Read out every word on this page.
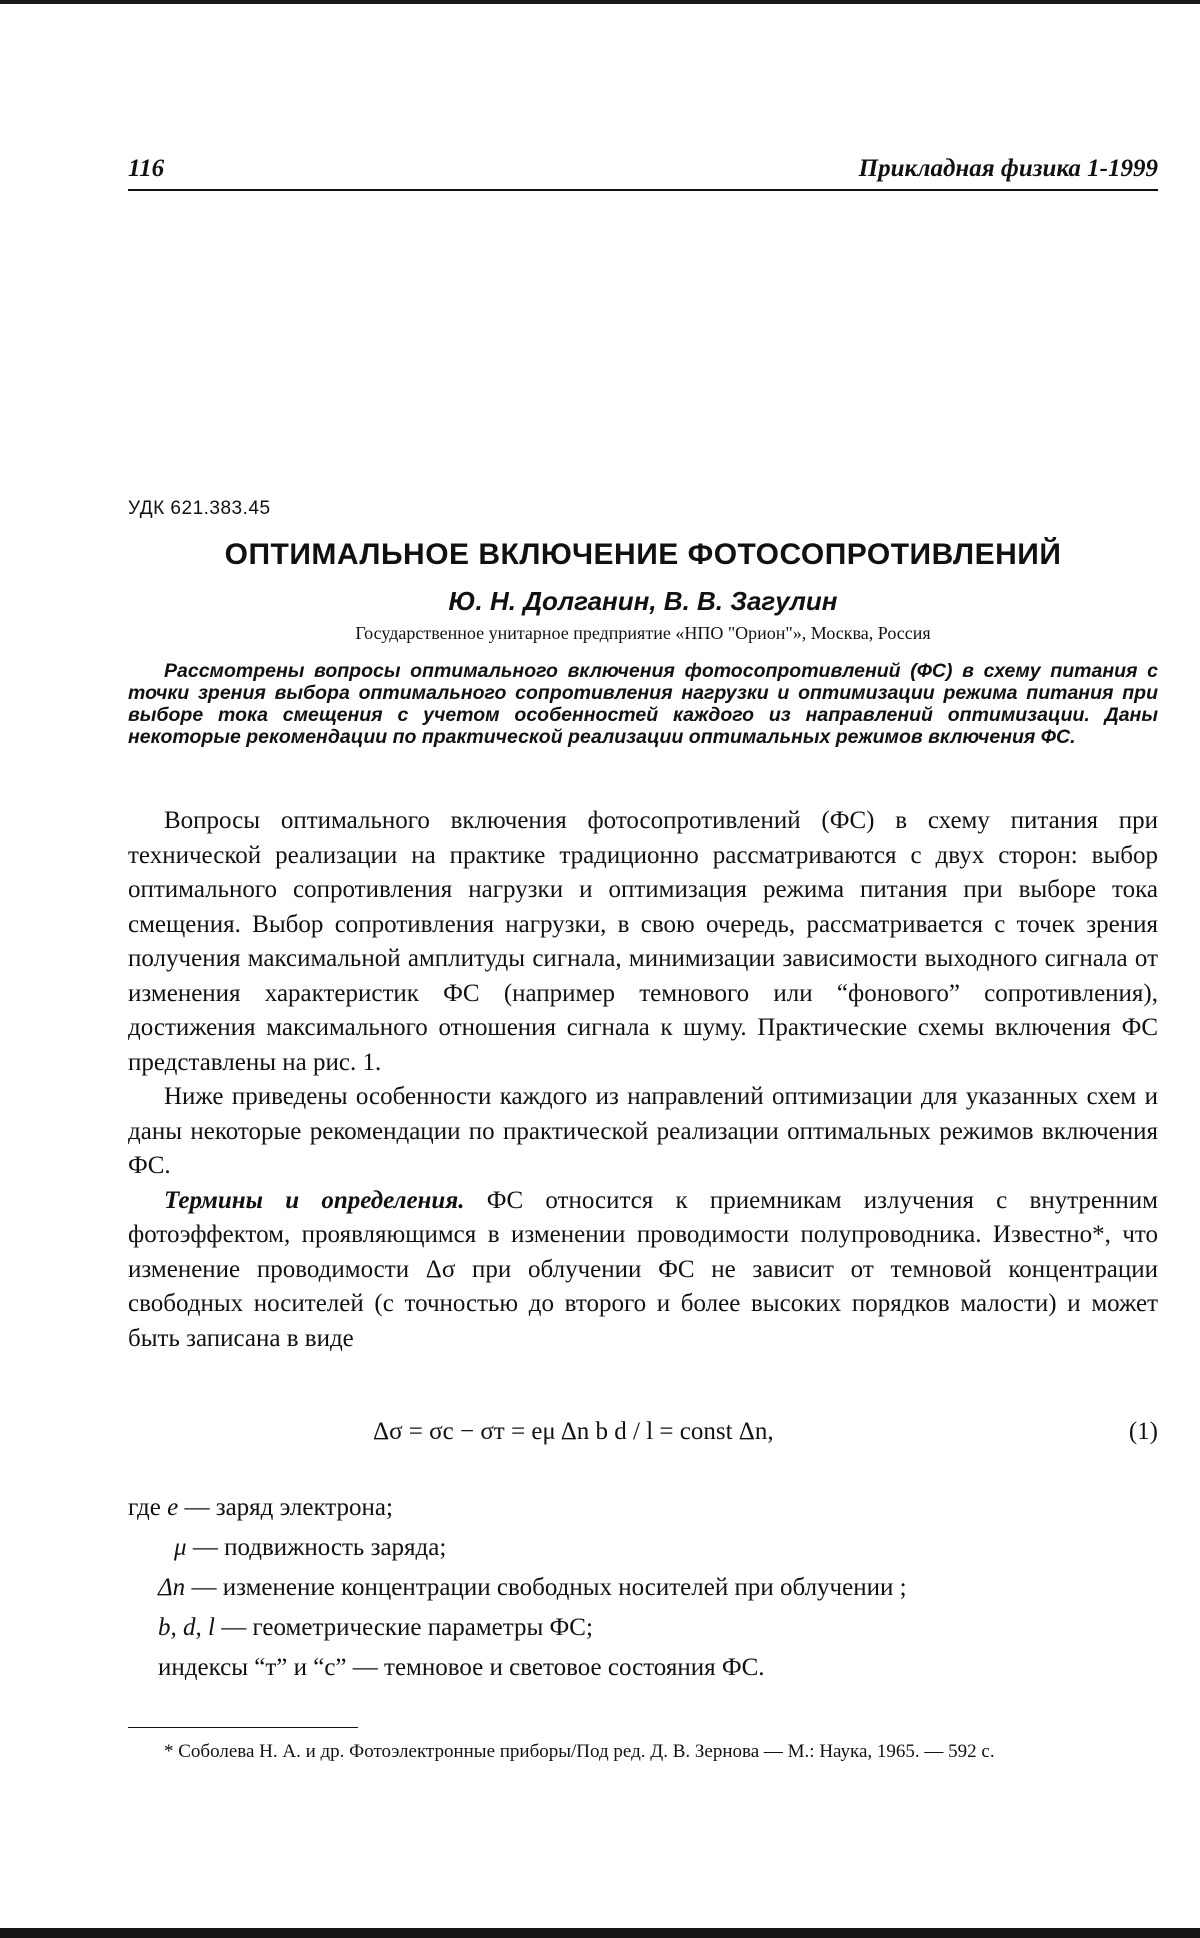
116	Прикладная физика 1-1999
УДК 621.383.45
ОПТИМАЛЬНОЕ ВКЛЮЧЕНИЕ ФОТОСОПРОТИВЛЕНИЙ
Ю. Н. Долганин, В. В. Загулин
Государственное унитарное предприятие «НПО "Орион"», Москва, Россия
Рассмотрены вопросы оптимального включения фотосопротивлений (ФС) в схему питания с точки зрения выбора оптимального сопротивления нагрузки и оптимизации режима питания при выборе тока смещения с учетом особенностей каждого из направлений оптимизации. Даны некоторые рекомендации по практической реализации оптимальных режимов включения ФС.

Вопросы оптимального включения фотосопротивлений (ФС) в схему питания при технической реализации на практике традиционно рассматриваются с двух сторон: выбор оптимального сопротивления нагрузки и оптимизация режима питания при выборе тока смещения. Выбор сопротивления нагрузки, в свою очередь, рассматривается с точек зрения получения максимальной амплитуды сигнала, минимизации зависимости выходного сигнала от изменения характеристик ФС (например темнового или “фонового” сопротивления), достижения максимального отношения сигнала к шуму. Практические схемы включения ФС представлены на рис. 1.

Ниже приведены особенности каждого из направлений оптимизации для указанных схем и даны некоторые рекомендации по практической реализации оптимальных режимов включения ФС.

Термины и определения. ФС относится к приемникам излучения с внутренним фотоэффектом, проявляющимся в изменении проводимости полупроводника. Известно*, что изменение проводимости Δσ при облучении ФС не зависит от темновой концентрации свободных носителей (с точностью до второго и более высоких порядков малости) и может быть записана в виде

Δσ = σс − σт = eμ Δn b d / l = const Δn,	(1)
где e — заряд электрона;
μ — подвижность заряда;
Δn — изменение концентрации свободных носителей при облучении ;
b, d, l — геометрические параметры ФС;
индексы “т” и “с” — темновое и световое состояния ФС.
* Соболева Н. А. и др. Фотоэлектронные приборы/Под ред. Д. В. Зернова — М.: Наука, 1965. — 592 с.
